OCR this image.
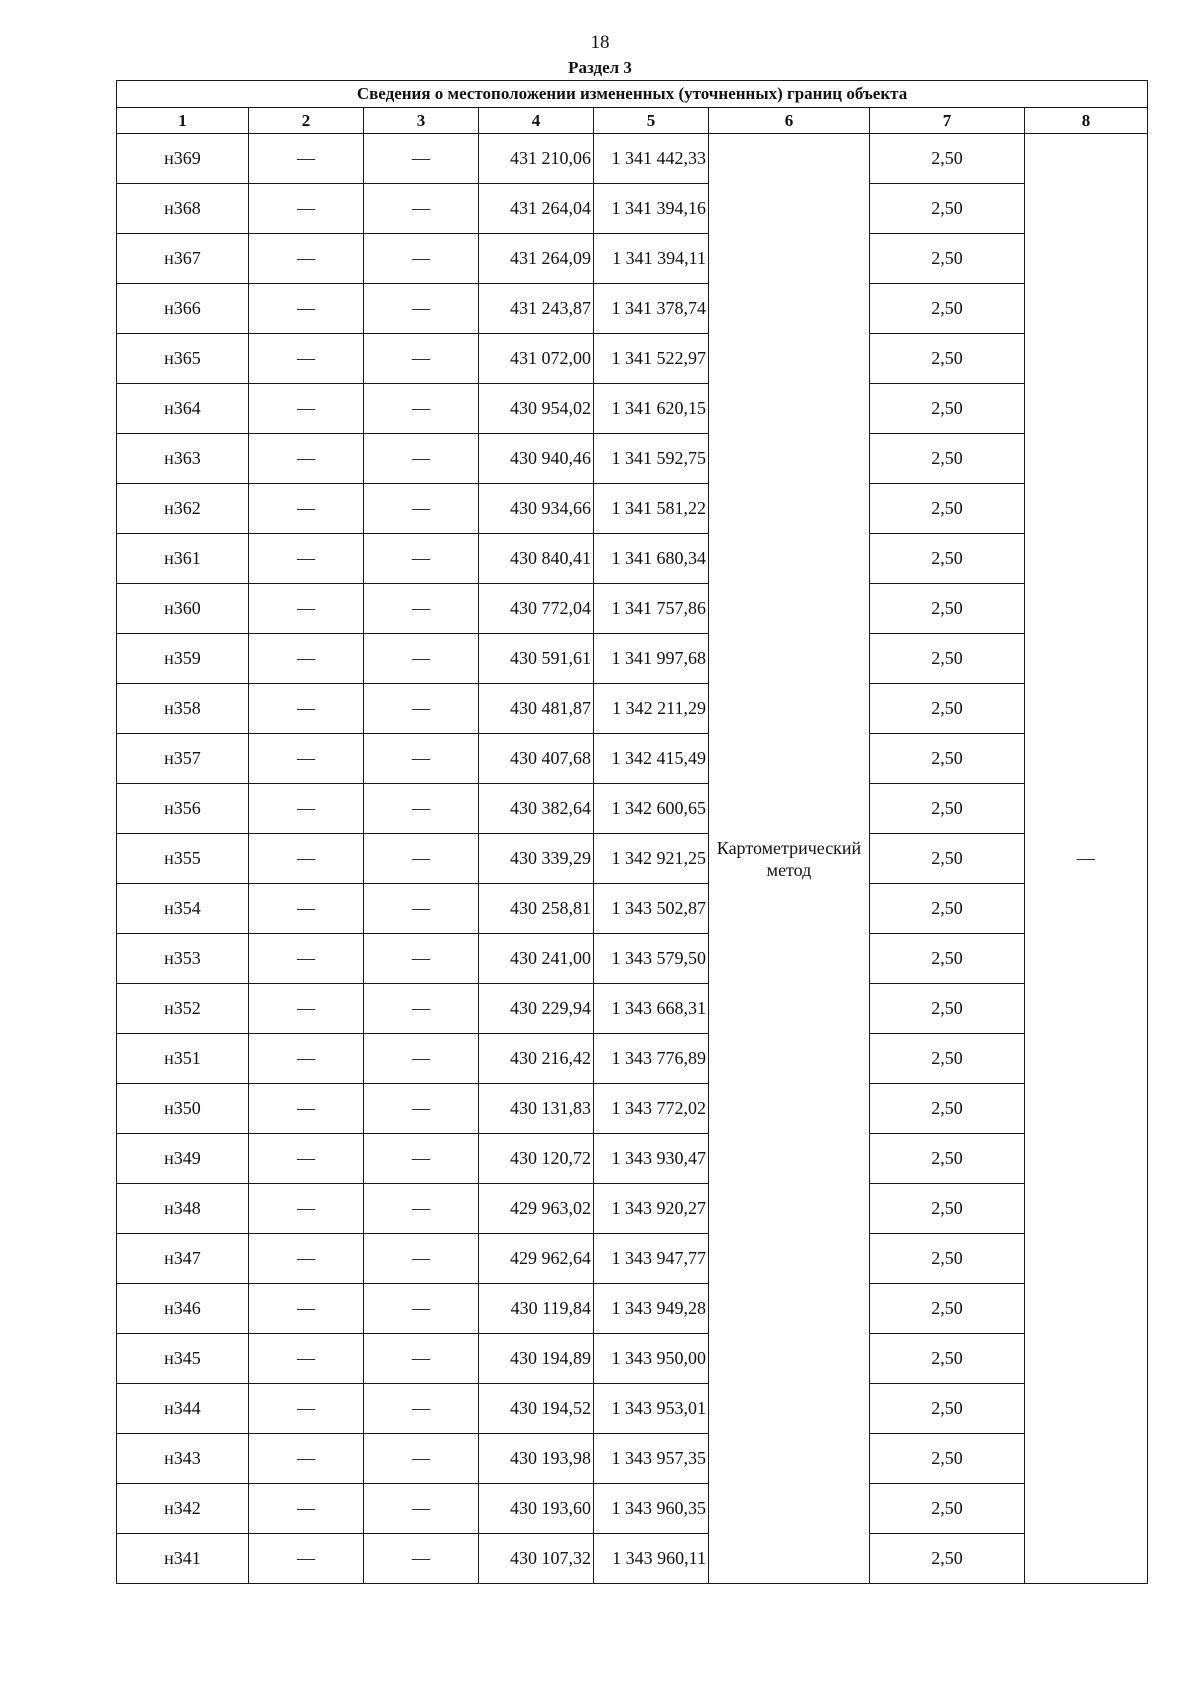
18
Раздел 3
Сведения о местоположении измененных (уточненных) границ объекта							
1	2	3	4	5	6	7	8
н369	—	—	431 210,06	1 341 442,33	Картометрический метод	2,50	—
н368	—	—	431 264,04	1 341 394,16		2,50	
н367	—	—	431 264,09	1 341 394,11		2,50	
н366	—	—	431 243,87	1 341 378,74		2,50	
н365	—	—	431 072,00	1 341 522,97		2,50	
н364	—	—	430 954,02	1 341 620,15		2,50	
н363	—	—	430 940,46	1 341 592,75		2,50	
н362	—	—	430 934,66	1 341 581,22		2,50	
н361	—	—	430 840,41	1 341 680,34		2,50	
н360	—	—	430 772,04	1 341 757,86		2,50	
н359	—	—	430 591,61	1 341 997,68		2,50	
н358	—	—	430 481,87	1 342 211,29		2,50	
н357	—	—	430 407,68	1 342 415,49		2,50	
н356	—	—	430 382,64	1 342 600,65		2,50	
н355	—	—	430 339,29	1 342 921,25		2,50	
н354	—	—	430 258,81	1 343 502,87		2,50	
н353	—	—	430 241,00	1 343 579,50		2,50	
н352	—	—	430 229,94	1 343 668,31		2,50	
н351	—	—	430 216,42	1 343 776,89		2,50	
н350	—	—	430 131,83	1 343 772,02		2,50	
н349	—	—	430 120,72	1 343 930,47		2,50	
н348	—	—	429 963,02	1 343 920,27		2,50	
н347	—	—	429 962,64	1 343 947,77		2,50	
н346	—	—	430 119,84	1 343 949,28		2,50	
н345	—	—	430 194,89	1 343 950,00		2,50	
н344	—	—	430 194,52	1 343 953,01		2,50	
н343	—	—	430 193,98	1 343 957,35		2,50	
н342	—	—	430 193,60	1 343 960,35		2,50	
н341	—	—	430 107,32	1 343 960,11		2,50	
